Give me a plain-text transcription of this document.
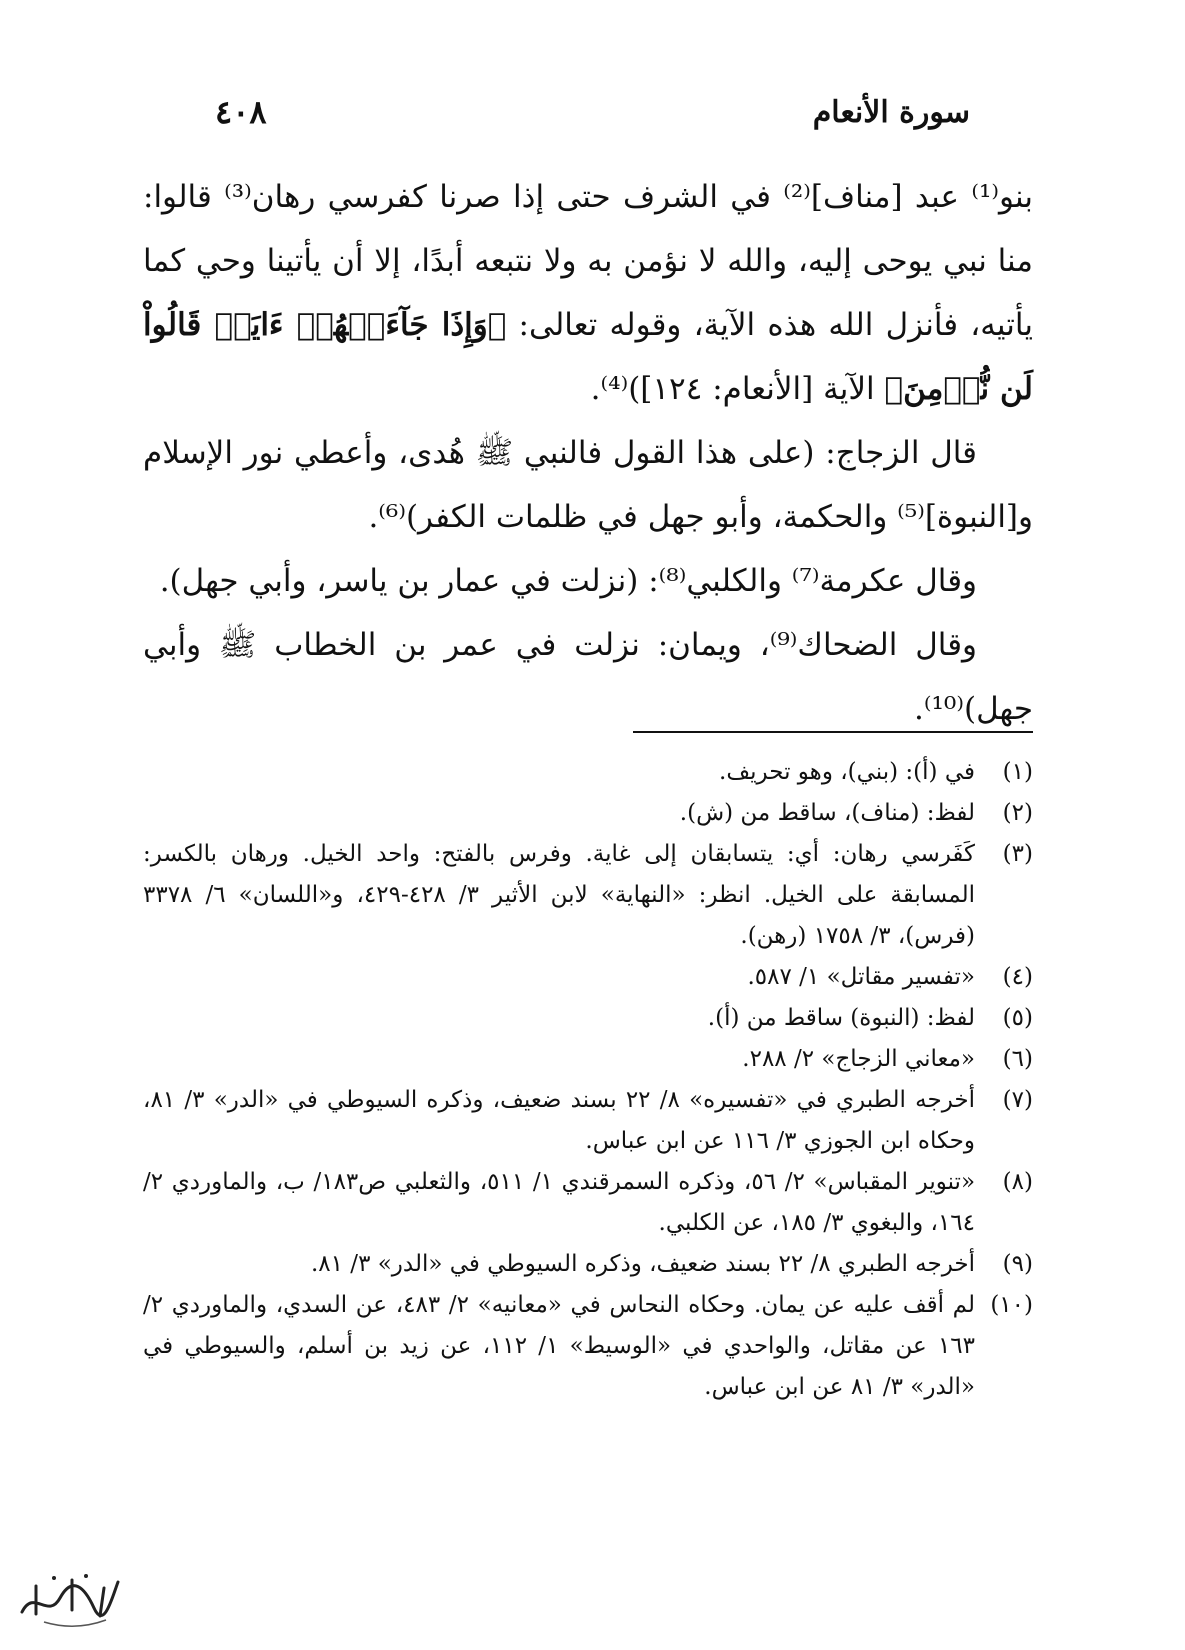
سورة الأنعام
٤٠٨

بنو⁽¹⁾ عبد [مناف]⁽²⁾ في الشرف حتى إذا صرنا كفرسي رهان⁽³⁾ قالوا: منا نبي يوحى إليه، والله لا نؤمن به ولا نتبعه أبدًا، إلا أن يأتينا وحي كما يأتيه، فأنزل الله هذه الآية، وقوله تعالى: ﴿وَإِذَا جَآءَتۡهُمۡ ءَايَةٞ قَالُواْ لَن نُّؤۡمِنَ﴾ الآية [الأنعام: ١٢٤])⁽⁴⁾.

قال الزجاج: (على هذا القول فالنبي ﷺ هُدى، وأعطي نور الإسلام و[النبوة]⁽⁵⁾ والحكمة، وأبو جهل في ظلمات الكفر)⁽⁶⁾.

وقال عكرمة⁽⁷⁾ والكلبي⁽⁸⁾: (نزلت في عمار بن ياسر، وأبي جهل).

وقال الضحاك⁽⁹⁾، ويمان: نزلت في عمر بن الخطاب ﷺ وأبي جهل)⁽¹⁰⁾.

(١)
في (أ): (بني)، وهو تحريف.
(٢)
لفظ: (مناف)، ساقط من (ش).
(٣)
كَفَرسي رهان: أي: يتسابقان إلى غاية. وفرس بالفتح: واحد الخيل. ورهان بالكسر: المسابقة على الخيل. انظر: «النهاية» لابن الأثير ٣/ ٤٢٨-٤٢٩، و«اللسان» ٦/ ٣٣٧٨ (فرس)، ٣/ ١٧٥٨ (رهن).
(٤)
«تفسير مقاتل» ١/ ٥٨٧.
(٥)
لفظ: (النبوة) ساقط من (أ).
(٦)
«معاني الزجاج» ٢/ ٢٨٨.
(٧)
أخرجه الطبري في «تفسيره» ٨/ ٢٢ بسند ضعيف، وذكره السيوطي في «الدر» ٣/ ٨١، وحكاه ابن الجوزي ٣/ ١١٦ عن ابن عباس.
(٨)
«تنوير المقباس» ٢/ ٥٦، وذكره السمرقندي ١/ ٥١١، والثعلبي ص١٨٣/ ب، والماوردي ٢/ ١٦٤، والبغوي ٣/ ١٨٥، عن الكلبي.
(٩)
أخرجه الطبري ٨/ ٢٢ بسند ضعيف، وذكره السيوطي في «الدر» ٣/ ٨١.
(١٠)
لم أقف عليه عن يمان. وحكاه النحاس في «معانيه» ٢/ ٤٨٣، عن السدي، والماوردي ٢/ ١٦٣ عن مقاتل، والواحدي في «الوسيط» ١/ ١١٢، عن زيد بن أسلم، والسيوطي في «الدر» ٣/ ٨١ عن ابن عباس.
